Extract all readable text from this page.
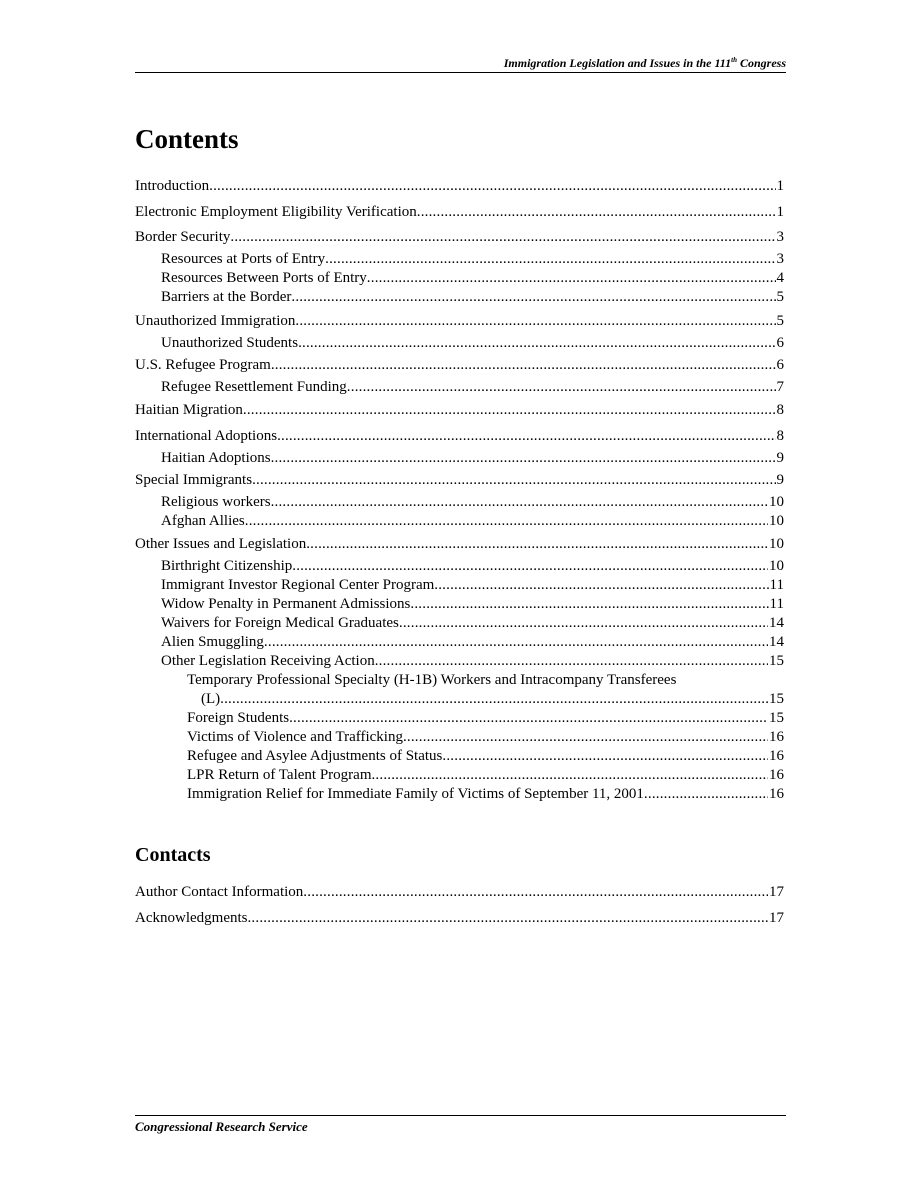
Immigration Legislation and Issues in the 111th Congress
Contents
Introduction .....	1
Electronic Employment Eligibility Verification .....	1
Border Security .....	3
Resources at Ports of Entry .....	3
Resources Between Ports of Entry .....	4
Barriers at the Border .....	5
Unauthorized Immigration .....	5
Unauthorized Students .....	6
U.S. Refugee Program .....	6
Refugee Resettlement Funding .....	7
Haitian Migration .....	8
International Adoptions .....	8
Haitian Adoptions .....	9
Special Immigrants .....	9
Religious workers .....	10
Afghan Allies .....	10
Other Issues and Legislation .....	10
Birthright Citizenship .....	10
Immigrant Investor Regional Center Program .....	11
Widow Penalty in Permanent Admissions .....	11
Waivers for Foreign Medical Graduates .....	14
Alien Smuggling .....	14
Other Legislation Receiving Action .....	15
Temporary Professional Specialty (H-1B) Workers and Intracompany Transferees
(L) .....	15
Foreign Students .....	15
Victims of Violence and Trafficking .....	16
Refugee and Asylee Adjustments of Status .....	16
LPR Return of Talent Program .....	16
Immigration Relief for Immediate Family of Victims of September 11, 2001 .....	16
Contacts
Author Contact Information .....	17
Acknowledgments .....	17
Congressional Research Service
